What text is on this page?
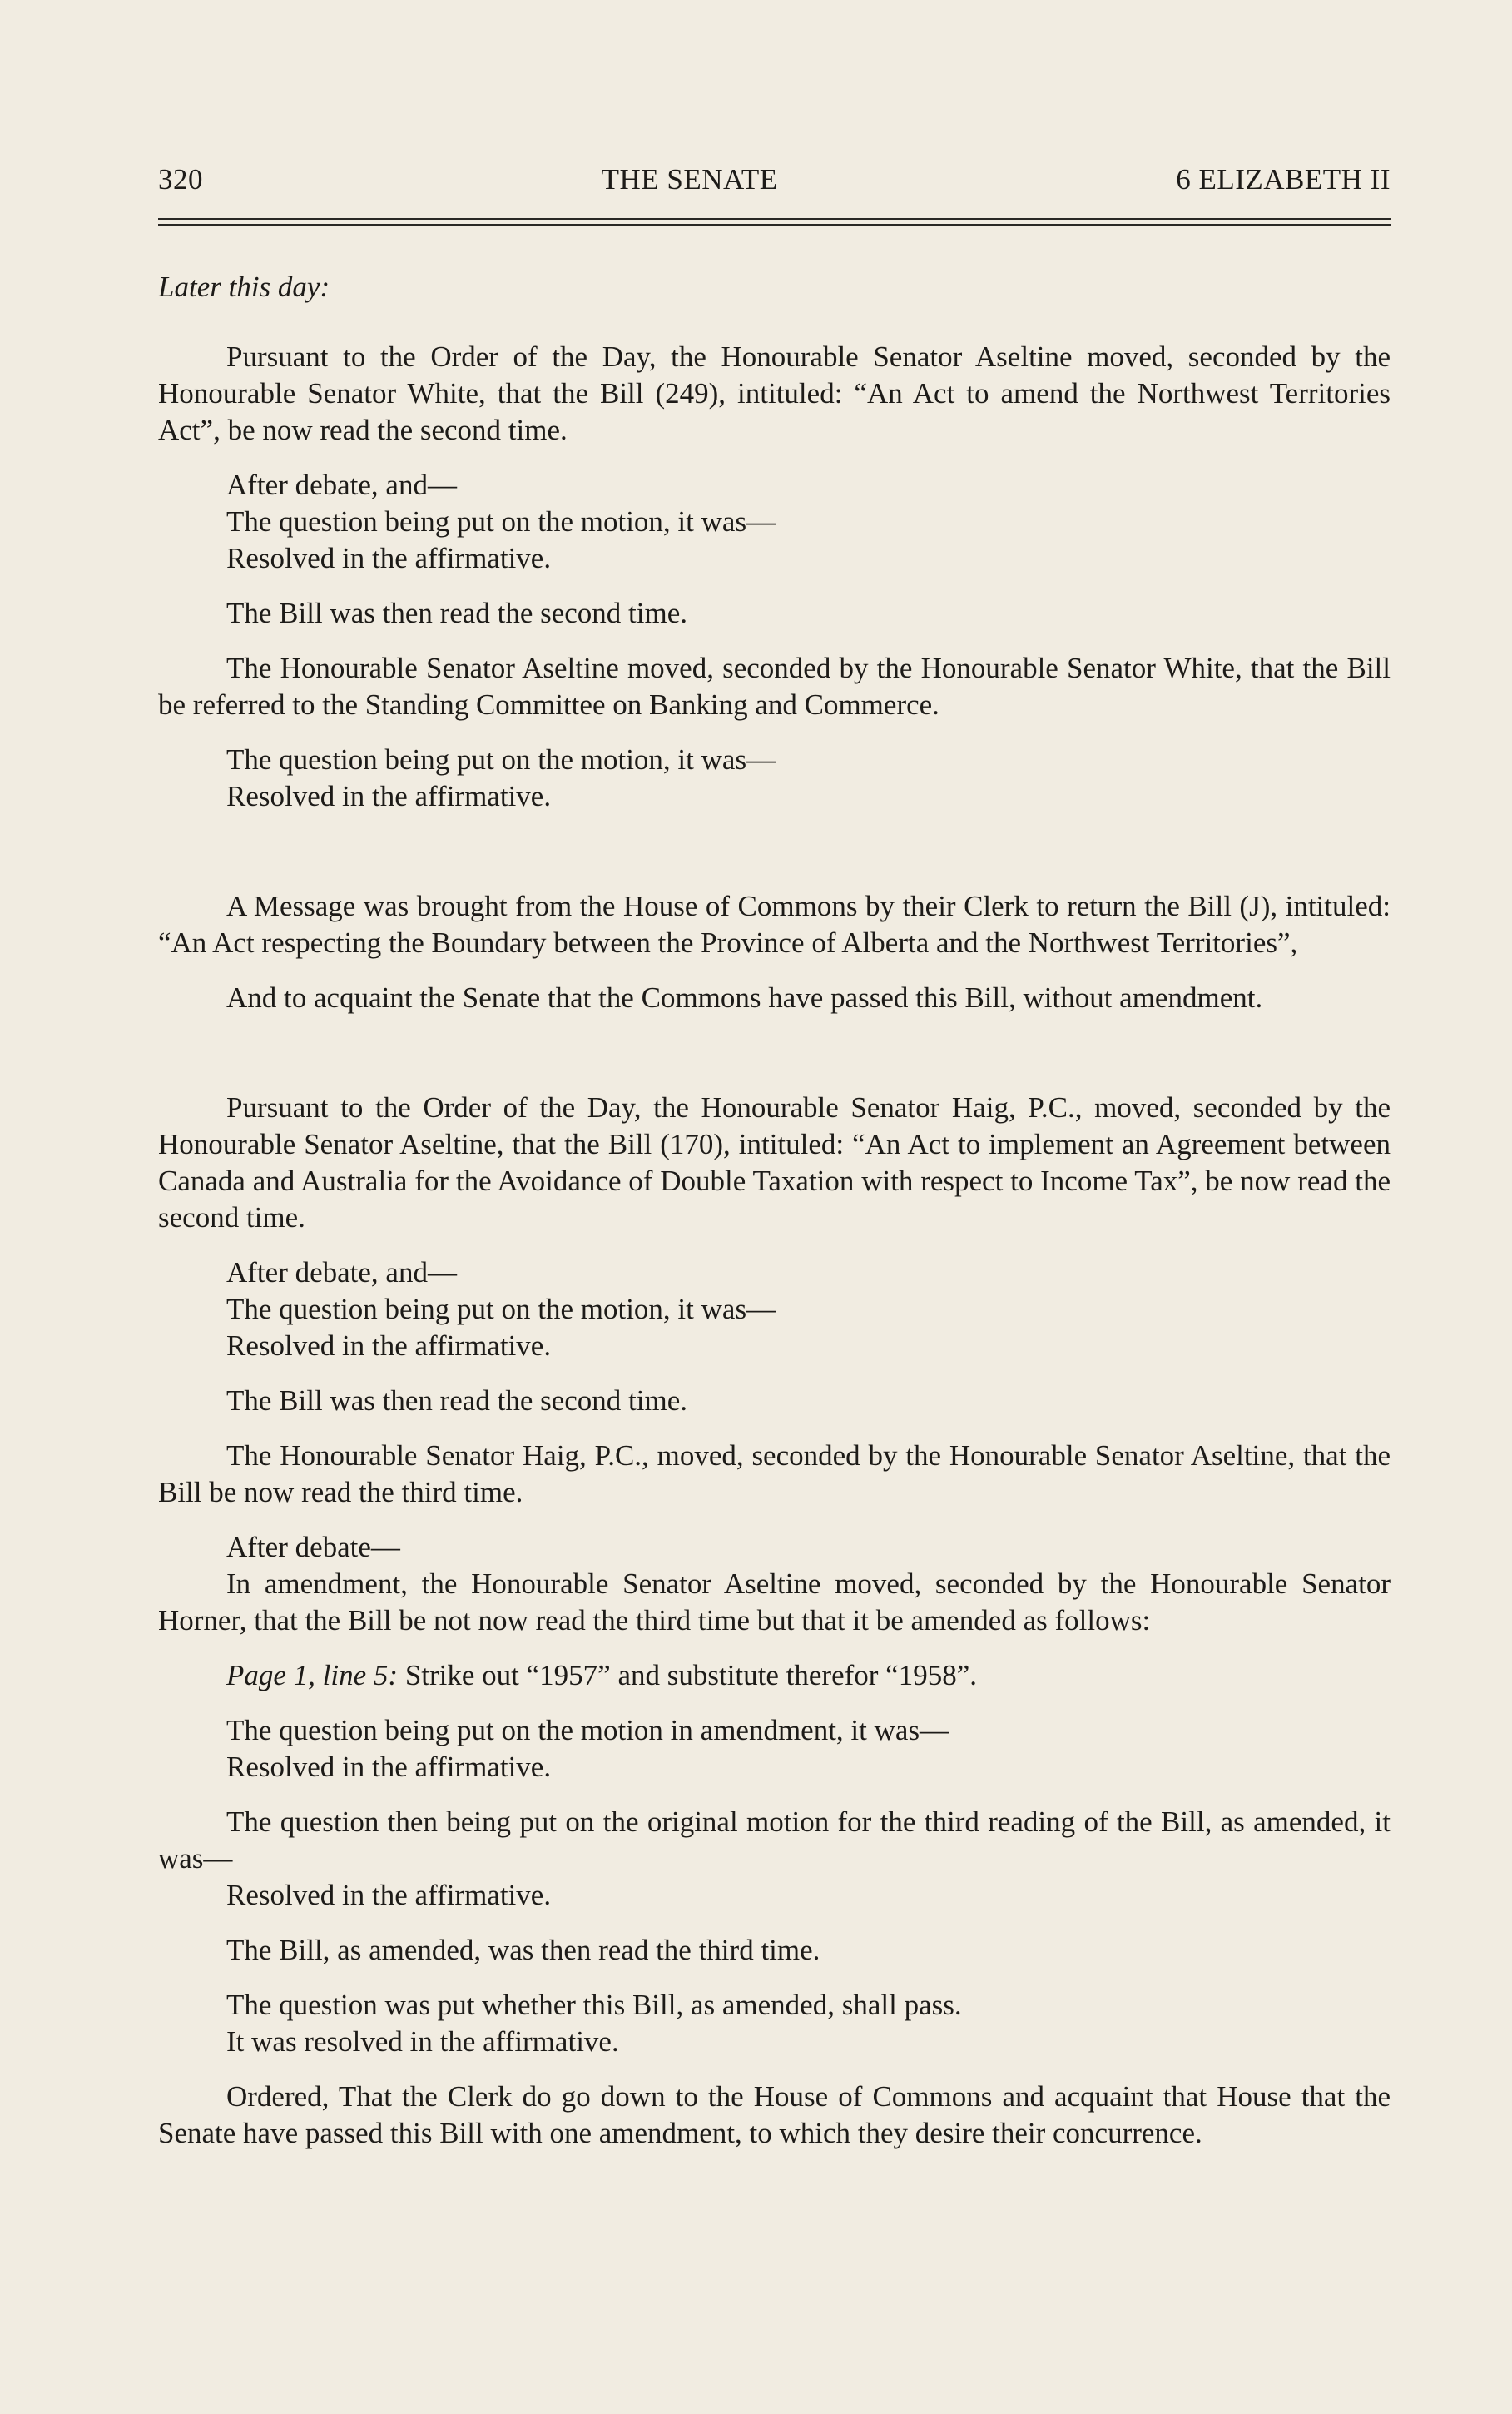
320	THE SENATE	6 ELIZABETH II

Later this day:

Pursuant to the Order of the Day, the Honourable Senator Aseltine moved, seconded by the Honourable Senator White, that the Bill (249), intituled: “An Act to amend the Northwest Territories Act”, be now read the second time.

After debate, and—

The question being put on the motion, it was—

Resolved in the affirmative.

The Bill was then read the second time.

The Honourable Senator Aseltine moved, seconded by the Honourable Senator White, that the Bill be referred to the Standing Committee on Banking and Commerce.

The question being put on the motion, it was—

Resolved in the affirmative.

A Message was brought from the House of Commons by their Clerk to return the Bill (J), intituled: “An Act respecting the Boundary between the Province of Alberta and the Northwest Territories”,

And to acquaint the Senate that the Commons have passed this Bill, without amendment.

Pursuant to the Order of the Day, the Honourable Senator Haig, P.C., moved, seconded by the Honourable Senator Aseltine, that the Bill (170), intituled: “An Act to implement an Agreement between Canada and Australia for the Avoidance of Double Taxation with respect to Income Tax”, be now read the second time.

After debate, and—

The question being put on the motion, it was—

Resolved in the affirmative.

The Bill was then read the second time.

The Honourable Senator Haig, P.C., moved, seconded by the Honourable Senator Aseltine, that the Bill be now read the third time.

After debate—

In amendment, the Honourable Senator Aseltine moved, seconded by the Honourable Senator Horner, that the Bill be not now read the third time but that it be amended as follows:

Page 1, line 5: Strike out “1957” and substitute therefor “1958”.

The question being put on the motion in amendment, it was—

Resolved in the affirmative.

The question then being put on the original motion for the third reading of the Bill, as amended, it was—

Resolved in the affirmative.

The Bill, as amended, was then read the third time.

The question was put whether this Bill, as amended, shall pass.

It was resolved in the affirmative.

Ordered, That the Clerk do go down to the House of Commons and acquaint that House that the Senate have passed this Bill with one amendment, to which they desire their concurrence.
